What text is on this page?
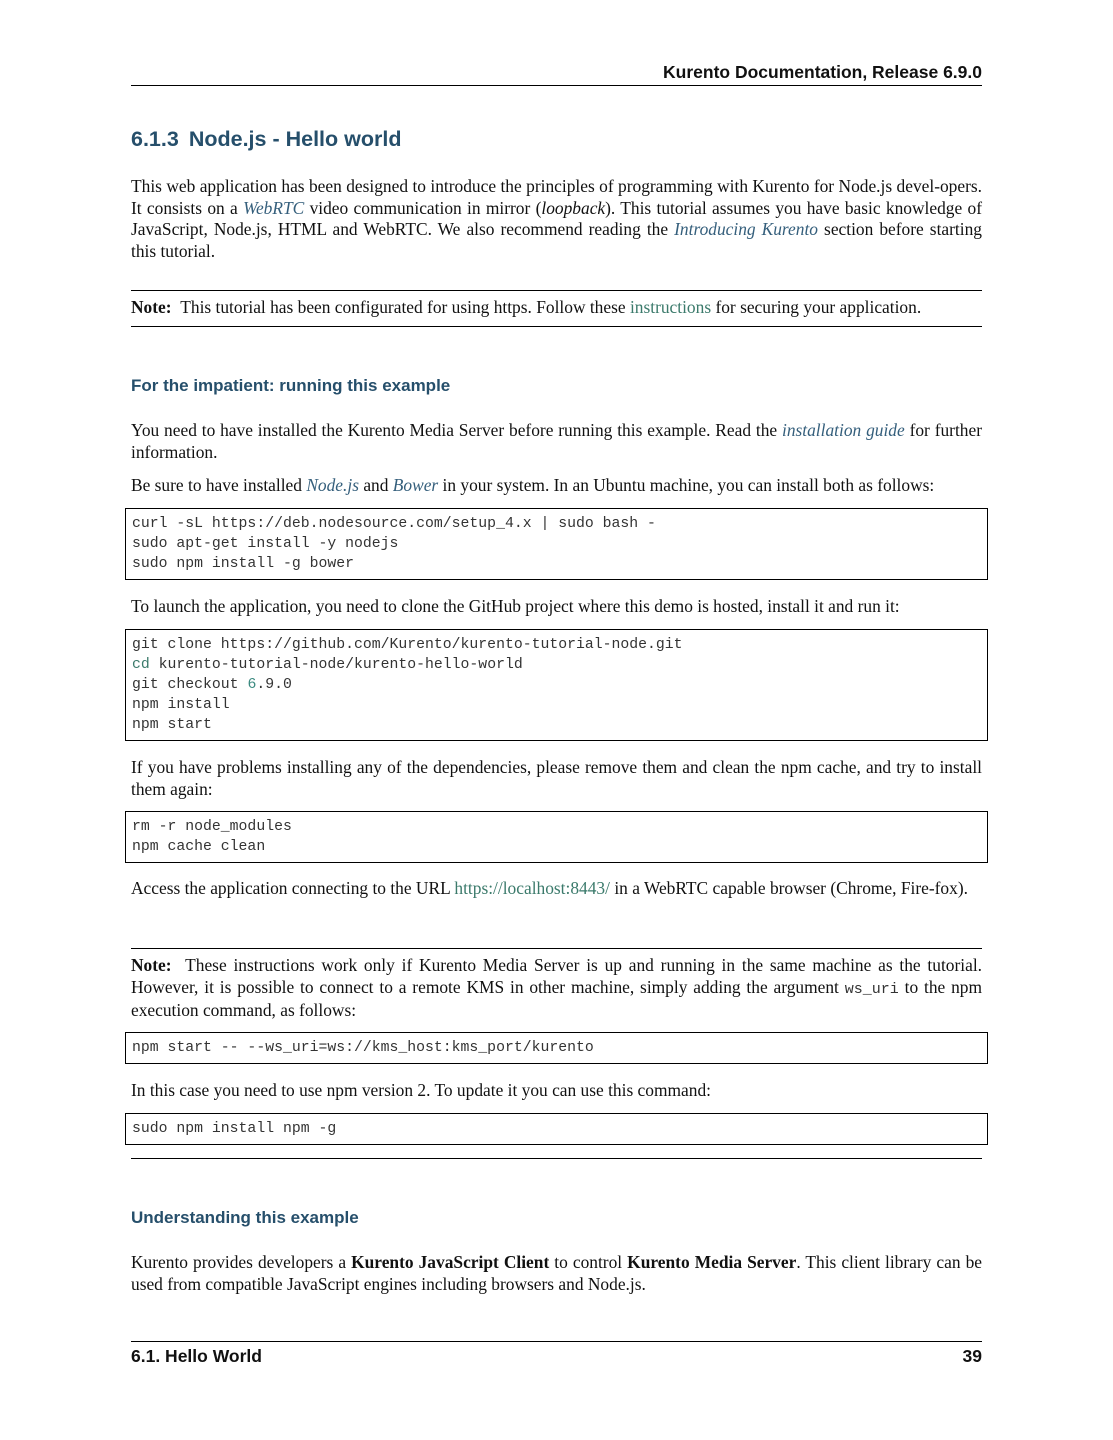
Kurento Documentation, Release 6.9.0
6.1.3 Node.js - Hello world

This web application has been designed to introduce the principles of programming with Kurento for Node.js devel-opers. It consists on a WebRTC video communication in mirror (loopback). This tutorial assumes you have basic knowledge of JavaScript, Node.js, HTML and WebRTC. We also recommend reading the Introducing Kurento section before starting this tutorial.

Note: This tutorial has been configurated for using https. Follow these instructions for securing your application.

For the impatient: running this example

You need to have installed the Kurento Media Server before running this example. Read the installation guide for further information.

Be sure to have installed Node.js and Bower in your system. In an Ubuntu machine, you can install both as follows:

curl -sL https://deb.nodesource.com/setup_4.x | sudo bash -
sudo apt-get install -y nodejs
sudo npm install -g bower

To launch the application, you need to clone the GitHub project where this demo is hosted, install it and run it:

git clone https://github.com/Kurento/kurento-tutorial-node.git
cd kurento-tutorial-node/kurento-hello-world
git checkout 6.9.0
npm install
npm start

If you have problems installing any of the dependencies, please remove them and clean the npm cache, and try to install them again:

rm -r node_modules
npm cache clean

Access the application connecting to the URL https://localhost:8443/ in a WebRTC capable browser (Chrome, Fire-fox).

Note: These instructions work only if Kurento Media Server is up and running in the same machine as the tutorial. However, it is possible to connect to a remote KMS in other machine, simply adding the argument ws_uri to the npm execution command, as follows:

npm start -- --ws_uri=ws://kms_host:kms_port/kurento

In this case you need to use npm version 2. To update it you can use this command:

sudo npm install npm -g
Understanding this example

Kurento provides developers a Kurento JavaScript Client to control Kurento Media Server. This client library can be used from compatible JavaScript engines including browsers and Node.js.

6.1. Hello World	39
